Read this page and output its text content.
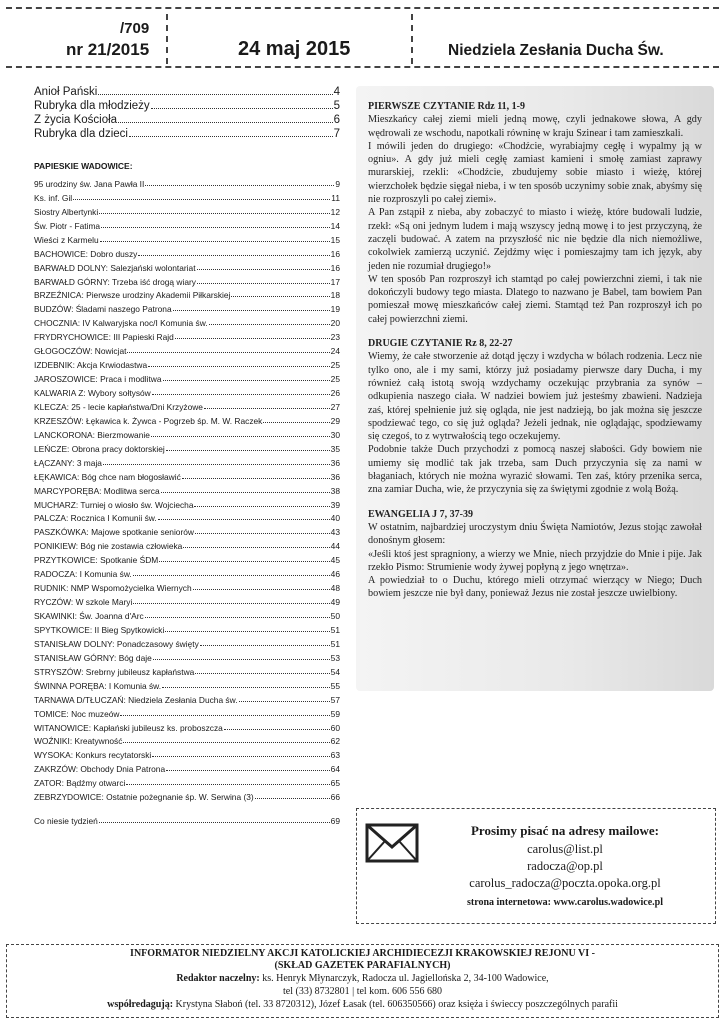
/709
nr 21/2015	24 maj 2015	Niedziela Zesłania Ducha Św.
Anioł Pański	4
Rubryka dla młodzieży	5
Z życia Kościoła	6
Rubryka dla dzieci	7
PAPIESKIE WADOWICE:
95 urodziny św. Jana Pawła II	9
Ks. inf. Gil	11
Siostry Albertynki	12
Św. Piotr - Fatima	14
Wieści z Karmelu	15
BACHOWICE: Dobro duszy	16
BARWAŁD DOLNY: Salezjański wolontariat	16
BARWAŁD GÓRNY: Trzeba iść drogą wiary	17
BRZEŹNICA: Pierwsze urodziny Akademii Piłkarskiej	18
BUDZÓW: Śladami naszego Patrona	19
CHOCZNIA: IV Kalwaryjska noc/I Komunia św.	20
FRYDRYCHOWICE: III Papieski Rajd	23
GŁOGOCZÓW: Nowicjat	24
IZDEBNIK: Akcja Krwiodastwa	25
JAROSZOWICE: Praca i modlitwa	25
KALWARIA Z: Wybory sołtysów	26
KLECZA: 25 - lecie kapłaństwa/Dni Krzyżowe	27
KRZESZÓW: Łękawica k. Żywca - Pogrzeb śp. M. W. Raczek	29
LANCKORONA: Bierzmowanie	30
LEŃCZE: Obrona pracy doktorskiej	35
ŁĄCZANY: 3 maja	36
ŁĘKAWICA: Bóg chce nam błogosławić	36
MARCYPORĘBA: Modlitwa serca	38
MUCHARZ: Turniej o wiosło św. Wojciecha	39
PALCZA: Rocznica I Komunii św.	40
PASZKÓWKA: Majowe spotkanie seniorów	43
PONIKIEW: Bóg nie zostawia człowieka	44
PRZYTKOWICE: Spotkanie ŚDM	45
RADOCZA: I Komunia św.	46
RUDNIK: NMP Wspomożycielka Wiernych	48
RYCZÓW: W szkole Maryi	49
SKAWINKI: Św. Joanna d'Arc	50
SPYTKOWICE: II Bieg Spytkowicki	51
STANISŁAW DOLNY: Ponadczasowy święty	51
STANISŁAW GÓRNY: Bóg daje	53
STRYSZÓW: Srebrny jubileusz kapłaństwa	54
ŚWINNA PORĘBA: I Komunia św.	55
TARNAWA D/TŁUCZAŃ: Niedziela Zesłania Ducha św.	57
TOMICE: Noc muzeów	59
WITANOWICE: Kapłański jubileusz ks. proboszcza	60
WOŹNIKI: Kreatywność	62
WYSOKA: Konkurs recytatorski	63
ZAKRZÓW: Obchody Dnia Patrona	64
ZATOR: Bądźmy otwarci	65
ZEBRZYDOWICE: Ostatnie pożegnanie śp. W. Serwina (3)	66
Co niesie tydzień	69
PIERWSZE CZYTANIE Rdz 11, 1-9

Mieszkańcy całej ziemi mieli jedną mowę, czyli jednakowe słowa, A gdy wędrowali ze wschodu, napotkali równinę w kraju Szinear i tam zamieszkali.

I mówili jeden do drugiego: «Chodźcie, wyrabiajmy cegłę i wypalmy ją w ogniu». A gdy już mieli cegłę zamiast kamieni i smołę zamiast zaprawy murarskiej, rzekli: «Chodźcie, zbudujemy sobie miasto i wieżę, której wierzchołek będzie sięgał nieba, i w ten sposób uczynimy sobie znak, abyśmy się nie rozproszyli po całej ziemi».

A Pan zstąpił z nieba, aby zobaczyć to miasto i wieżę, które budowali ludzie, rzekł: «Są oni jednym ludem i mają wszyscy jedną mowę i to jest przyczyną, że zaczęli budować. A zatem na przyszłość nic nie będzie dla nich niemożliwe, cokolwiek zamierzą uczynić. Zejdźmy więc i pomieszajmy tam ich język, aby jeden nie rozumiał drugiego!»

W ten sposób Pan rozproszył ich stamtąd po całej powierzchni ziemi, i tak nie dokończyli budowy tego miasta. Dlatego to nazwano je Babel, tam bowiem Pan pomieszał mowę mieszkańców całej ziemi. Stamtąd też Pan rozproszył ich po całej powierzchni ziemi.

DRUGIE CZYTANIE Rz 8, 22-27

Wiemy, że całe stworzenie aż dotąd jęczy i wzdycha w bólach rodzenia. Lecz nie tylko ono, ale i my sami, którzy już posiadamy pierwsze dary Ducha, i my również całą istotą swoją wzdychamy oczekując przybrania za synów – odkupienia naszego ciała. W nadziei bowiem już jesteśmy zbawieni. Nadzieja zaś, której spełnienie już się ogląda, nie jest nadzieją, bo jak można się jeszcze spodziewać tego, co się już ogląda? Jeżeli jednak, nie oglądając, spodziewamy się czegoś, to z wytrwałością tego oczekujemy.

Podobnie także Duch przychodzi z pomocą naszej słabości. Gdy bowiem nie umiemy się modlić tak jak trzeba, sam Duch przyczynia się za nami w błaganiach, których nie można wyrazić słowami. Ten zaś, który przenika serca, zna zamiar Ducha, wie, że przyczynia się za świętymi zgodnie z wolą Bożą.

EWANGELIA J 7, 37-39

W ostatnim, najbardziej uroczystym dniu Święta Namiotów, Jezus stojąc zawołał donośnym głosem:

«Jeśli ktoś jest spragniony, a wierzy we Mnie, niech przyjdzie do Mnie i pije. Jak rzekło Pismo: Strumienie wody żywej popłyną z jego wnętrza».

A powiedział to o Duchu, którego mieli otrzymać wierzący w Niego; Duch bowiem jeszcze nie był dany, ponieważ Jezus nie został jeszcze uwielbiony.

Prosimy pisać na adresy mailowe:
carolus@list.pl
radocza@op.pl
carolus_radocza@poczta.opoka.org.pl
strona internetowa: www.carolus.wadowice.pl
INFORMATOR NIEDZIELNY AKCJI KATOLICKIEJ ARCHIDIECEZJI KRAKOWSKIEJ REJONU VI -
(SKŁAD GAZETEK PARAFIALNYCH)
Redaktor naczelny: ks. Henryk Młynarczyk, Radocza ul. Jagiellońska 2, 34-100 Wadowice,
tel (33) 8732801 | tel kom. 606 556 680
współredagują: Krystyna Słaboń (tel. 33 8720312), Józef Łasak (tel. 606350566) oraz księża i świeccy poszczególnych parafii
